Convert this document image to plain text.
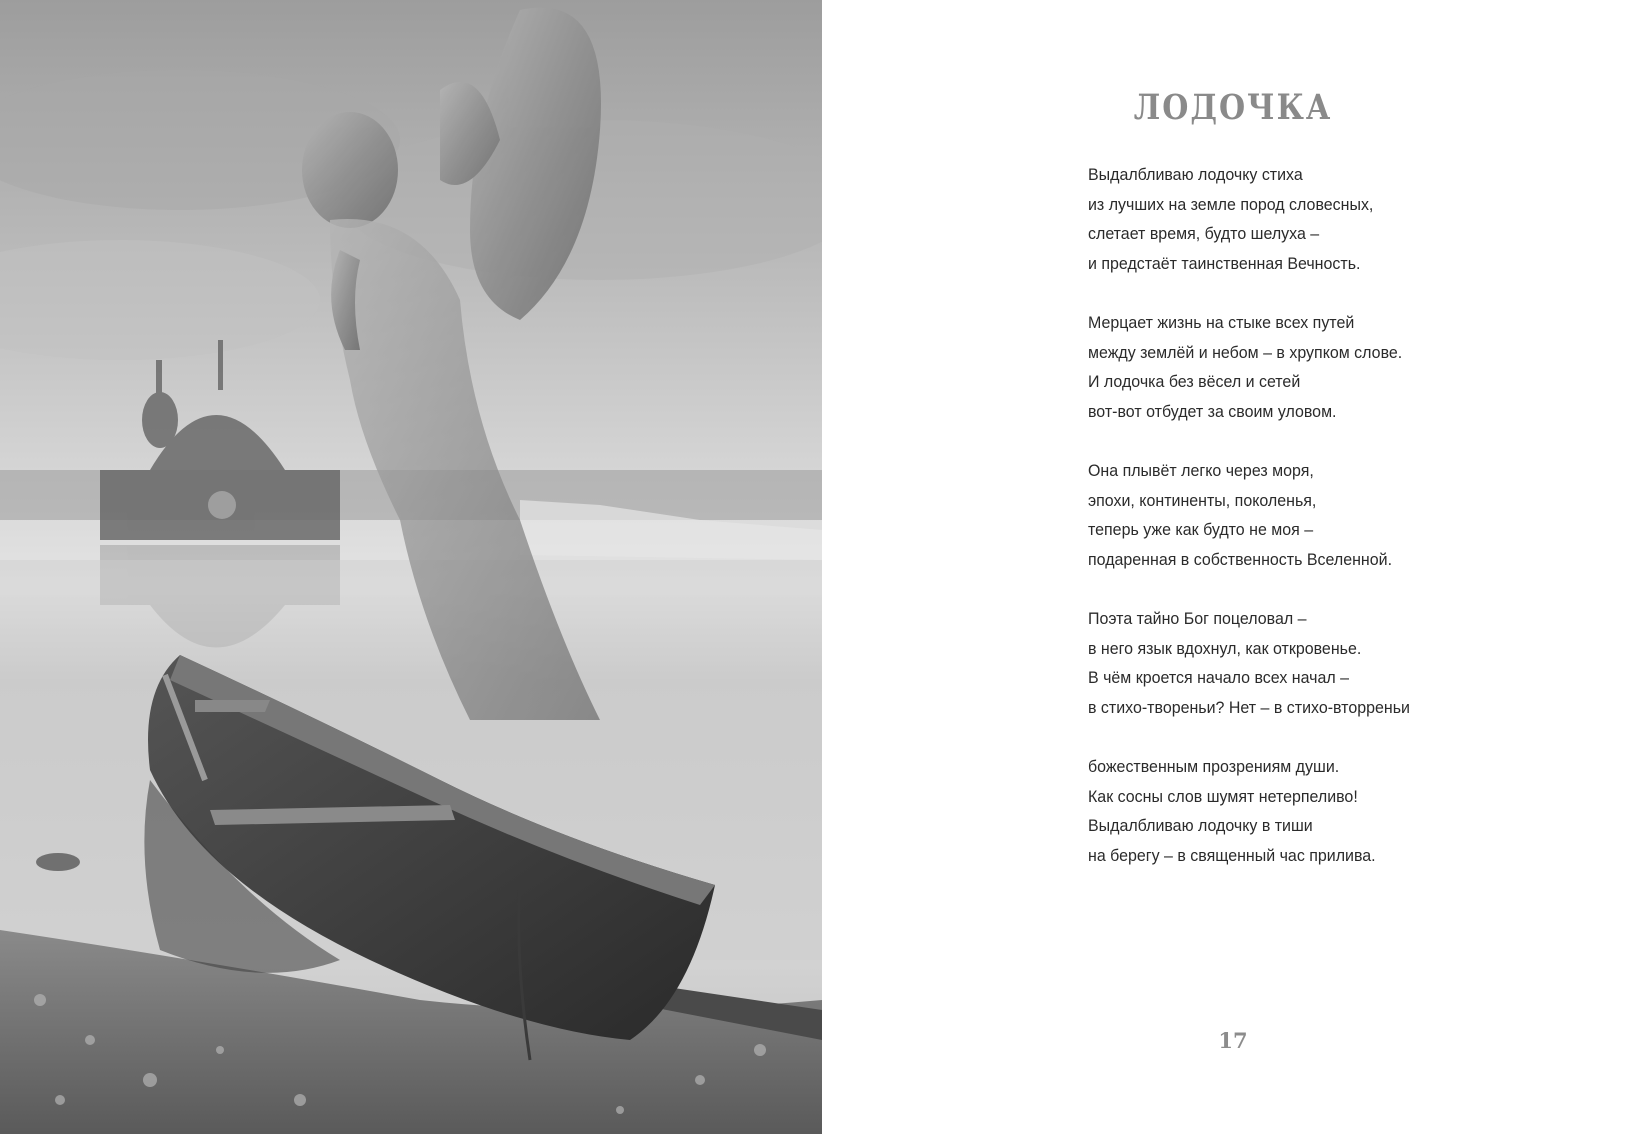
ЛОДОЧКА
Выдалбливаю лодочку стиха
из лучших на земле пород словесных,
слетает время, будто шелуха –
и предстаёт таинственная Вечность.
Мерцает жизнь на стыке всех путей
между землёй и небом – в хрупком слове.
И лодочка без вёсел и сетей
вот-вот отбудет за своим уловом.
Она плывёт легко через моря,
эпохи, континенты, поколенья,
теперь уже как будто не моя –
подаренная в собственность Вселенной.
Поэта тайно Бог поцеловал –
в него язык вдохнул, как откровенье.
В чём кроется начало всех начал –
в стихо-твореньи? Нет – в стихо-вторреньи
божественным прозрениям души.
Как сосны слов шумят нетерпеливо!
Выдалбливаю лодочку в тиши
на берегу – в священный час прилива.
17
